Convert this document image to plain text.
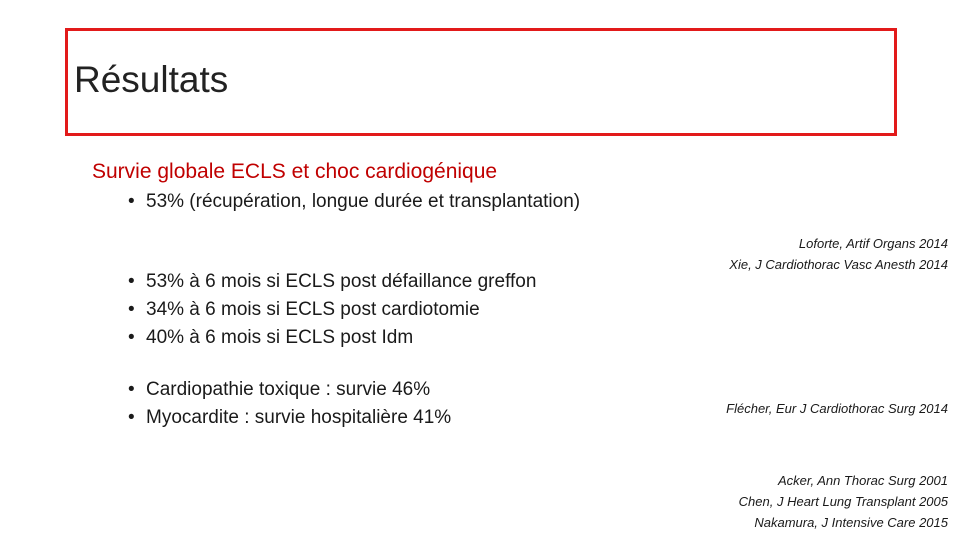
Résultats
Survie globale ECLS et choc cardiogénique
• 53% (récupération, longue durée et transplantation)
• 53% à 6 mois si ECLS post défaillance greffon
• 34% à 6 mois si ECLS post cardiotomie
• 40% à 6 mois si ECLS post Idm
• Cardiopathie toxique : survie 46%
• Myocardite : survie hospitalière 41%
Loforte, Artif Organs 2014
Xie, J Cardiothorac Vasc Anesth 2014
Flécher, Eur J Cardiothorac Surg 2014
Acker, Ann Thorac Surg 2001
Chen, J Heart Lung Transplant 2005
Nakamura, J Intensive Care 2015
